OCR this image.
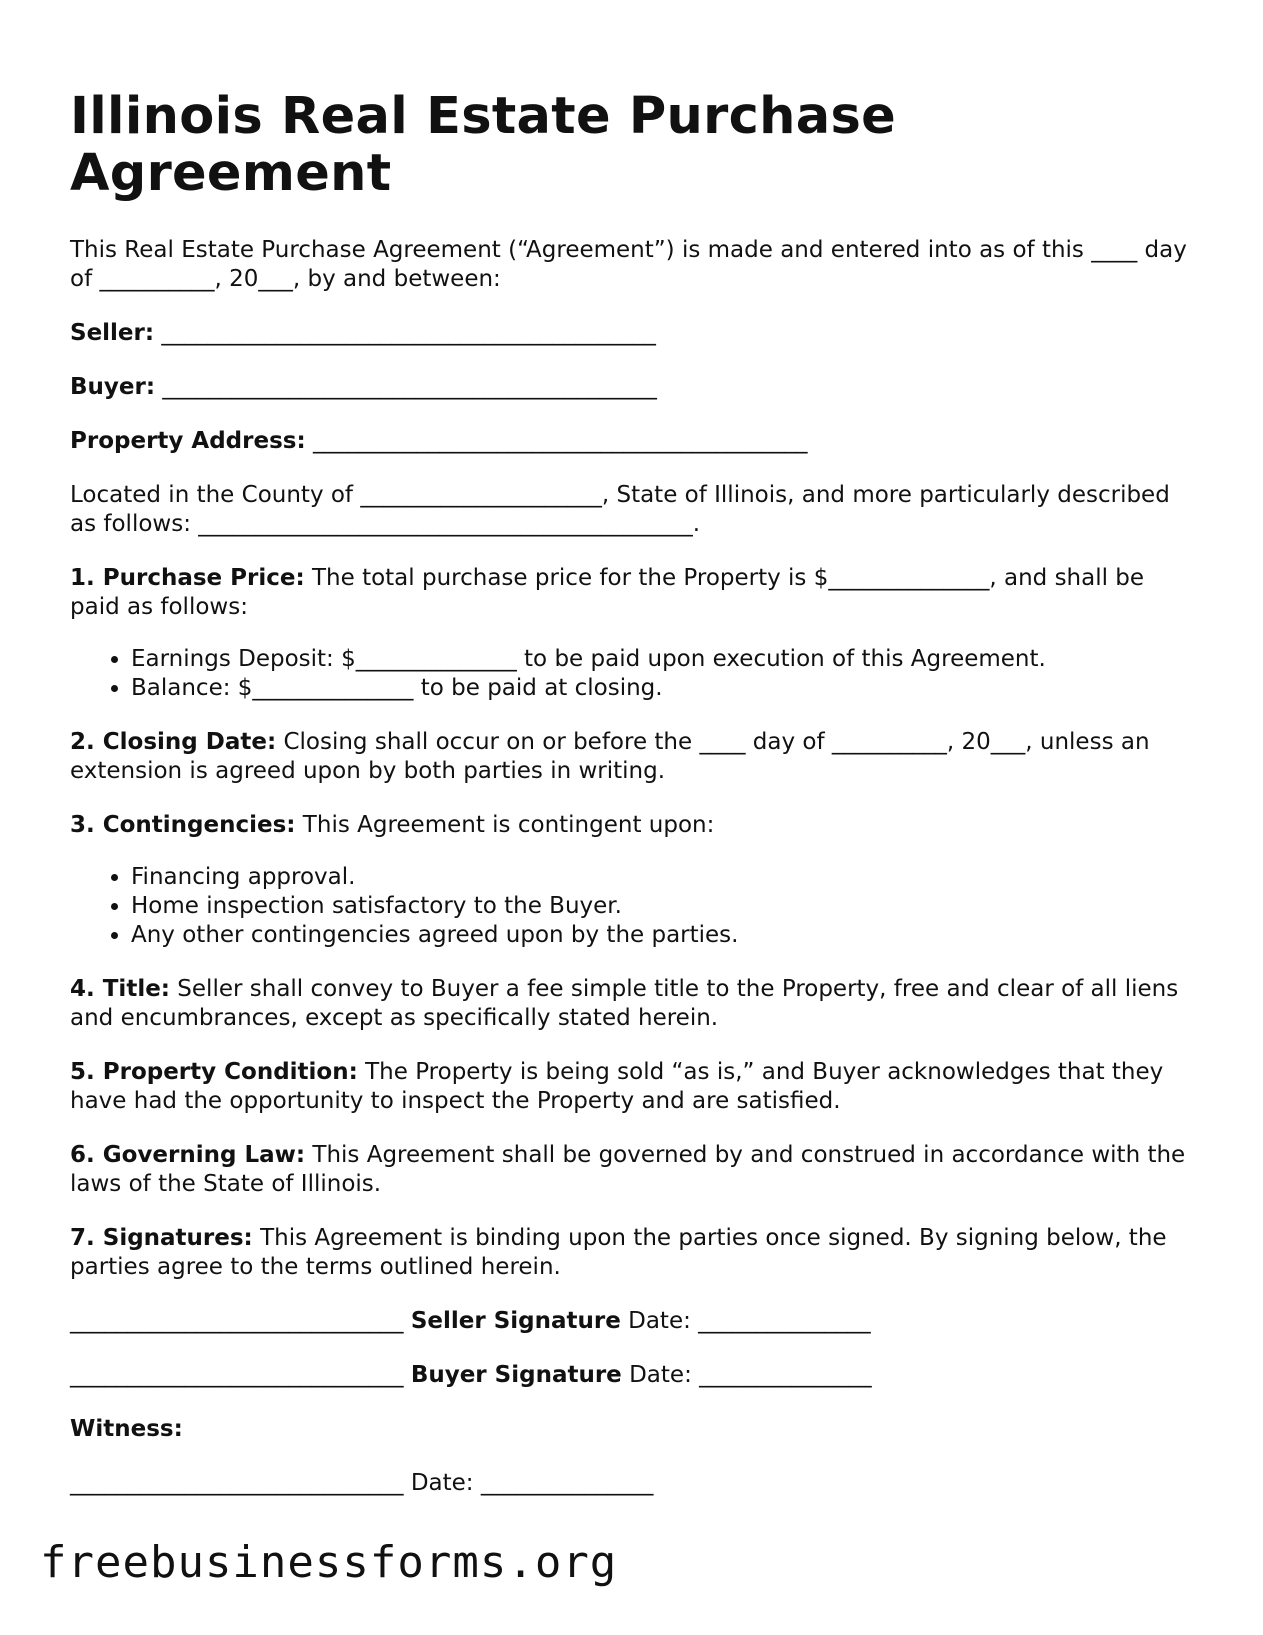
Illinois Real Estate Purchase Agreement

This Real Estate Purchase Agreement (“Agreement”) is made and entered into as of this ____ day of __________, 20___, by and between:

Seller: ___________________________________________

Buyer: ___________________________________________

Property Address: ___________________________________________

Located in the County of _____________________, State of Illinois, and more particularly described as follows: ___________________________________________.

1. Purchase Price: The total purchase price for the Property is $______________, and shall be paid as follows:

• Earnings Deposit: $______________ to be paid upon execution of this Agreement.
• Balance: $______________ to be paid at closing.

2. Closing Date: Closing shall occur on or before the ____ day of __________, 20___, unless an extension is agreed upon by both parties in writing.

3. Contingencies: This Agreement is contingent upon:

• Financing approval.
• Home inspection satisfactory to the Buyer.
• Any other contingencies agreed upon by the parties.

4. Title: Seller shall convey to Buyer a fee simple title to the Property, free and clear of all liens and encumbrances, except as specifically stated herein.

5. Property Condition: The Property is being sold “as is,” and Buyer acknowledges that they have had the opportunity to inspect the Property and are satisfied.

6. Governing Law: This Agreement shall be governed by and construed in accordance with the laws of the State of Illinois.

7. Signatures: This Agreement is binding upon the parties once signed. By signing below, the parties agree to the terms outlined herein.

_____________________________ Seller Signature Date: _______________

_____________________________ Buyer Signature Date: _______________

Witness:

_____________________________ Date: _______________

freebusinessforms.org
